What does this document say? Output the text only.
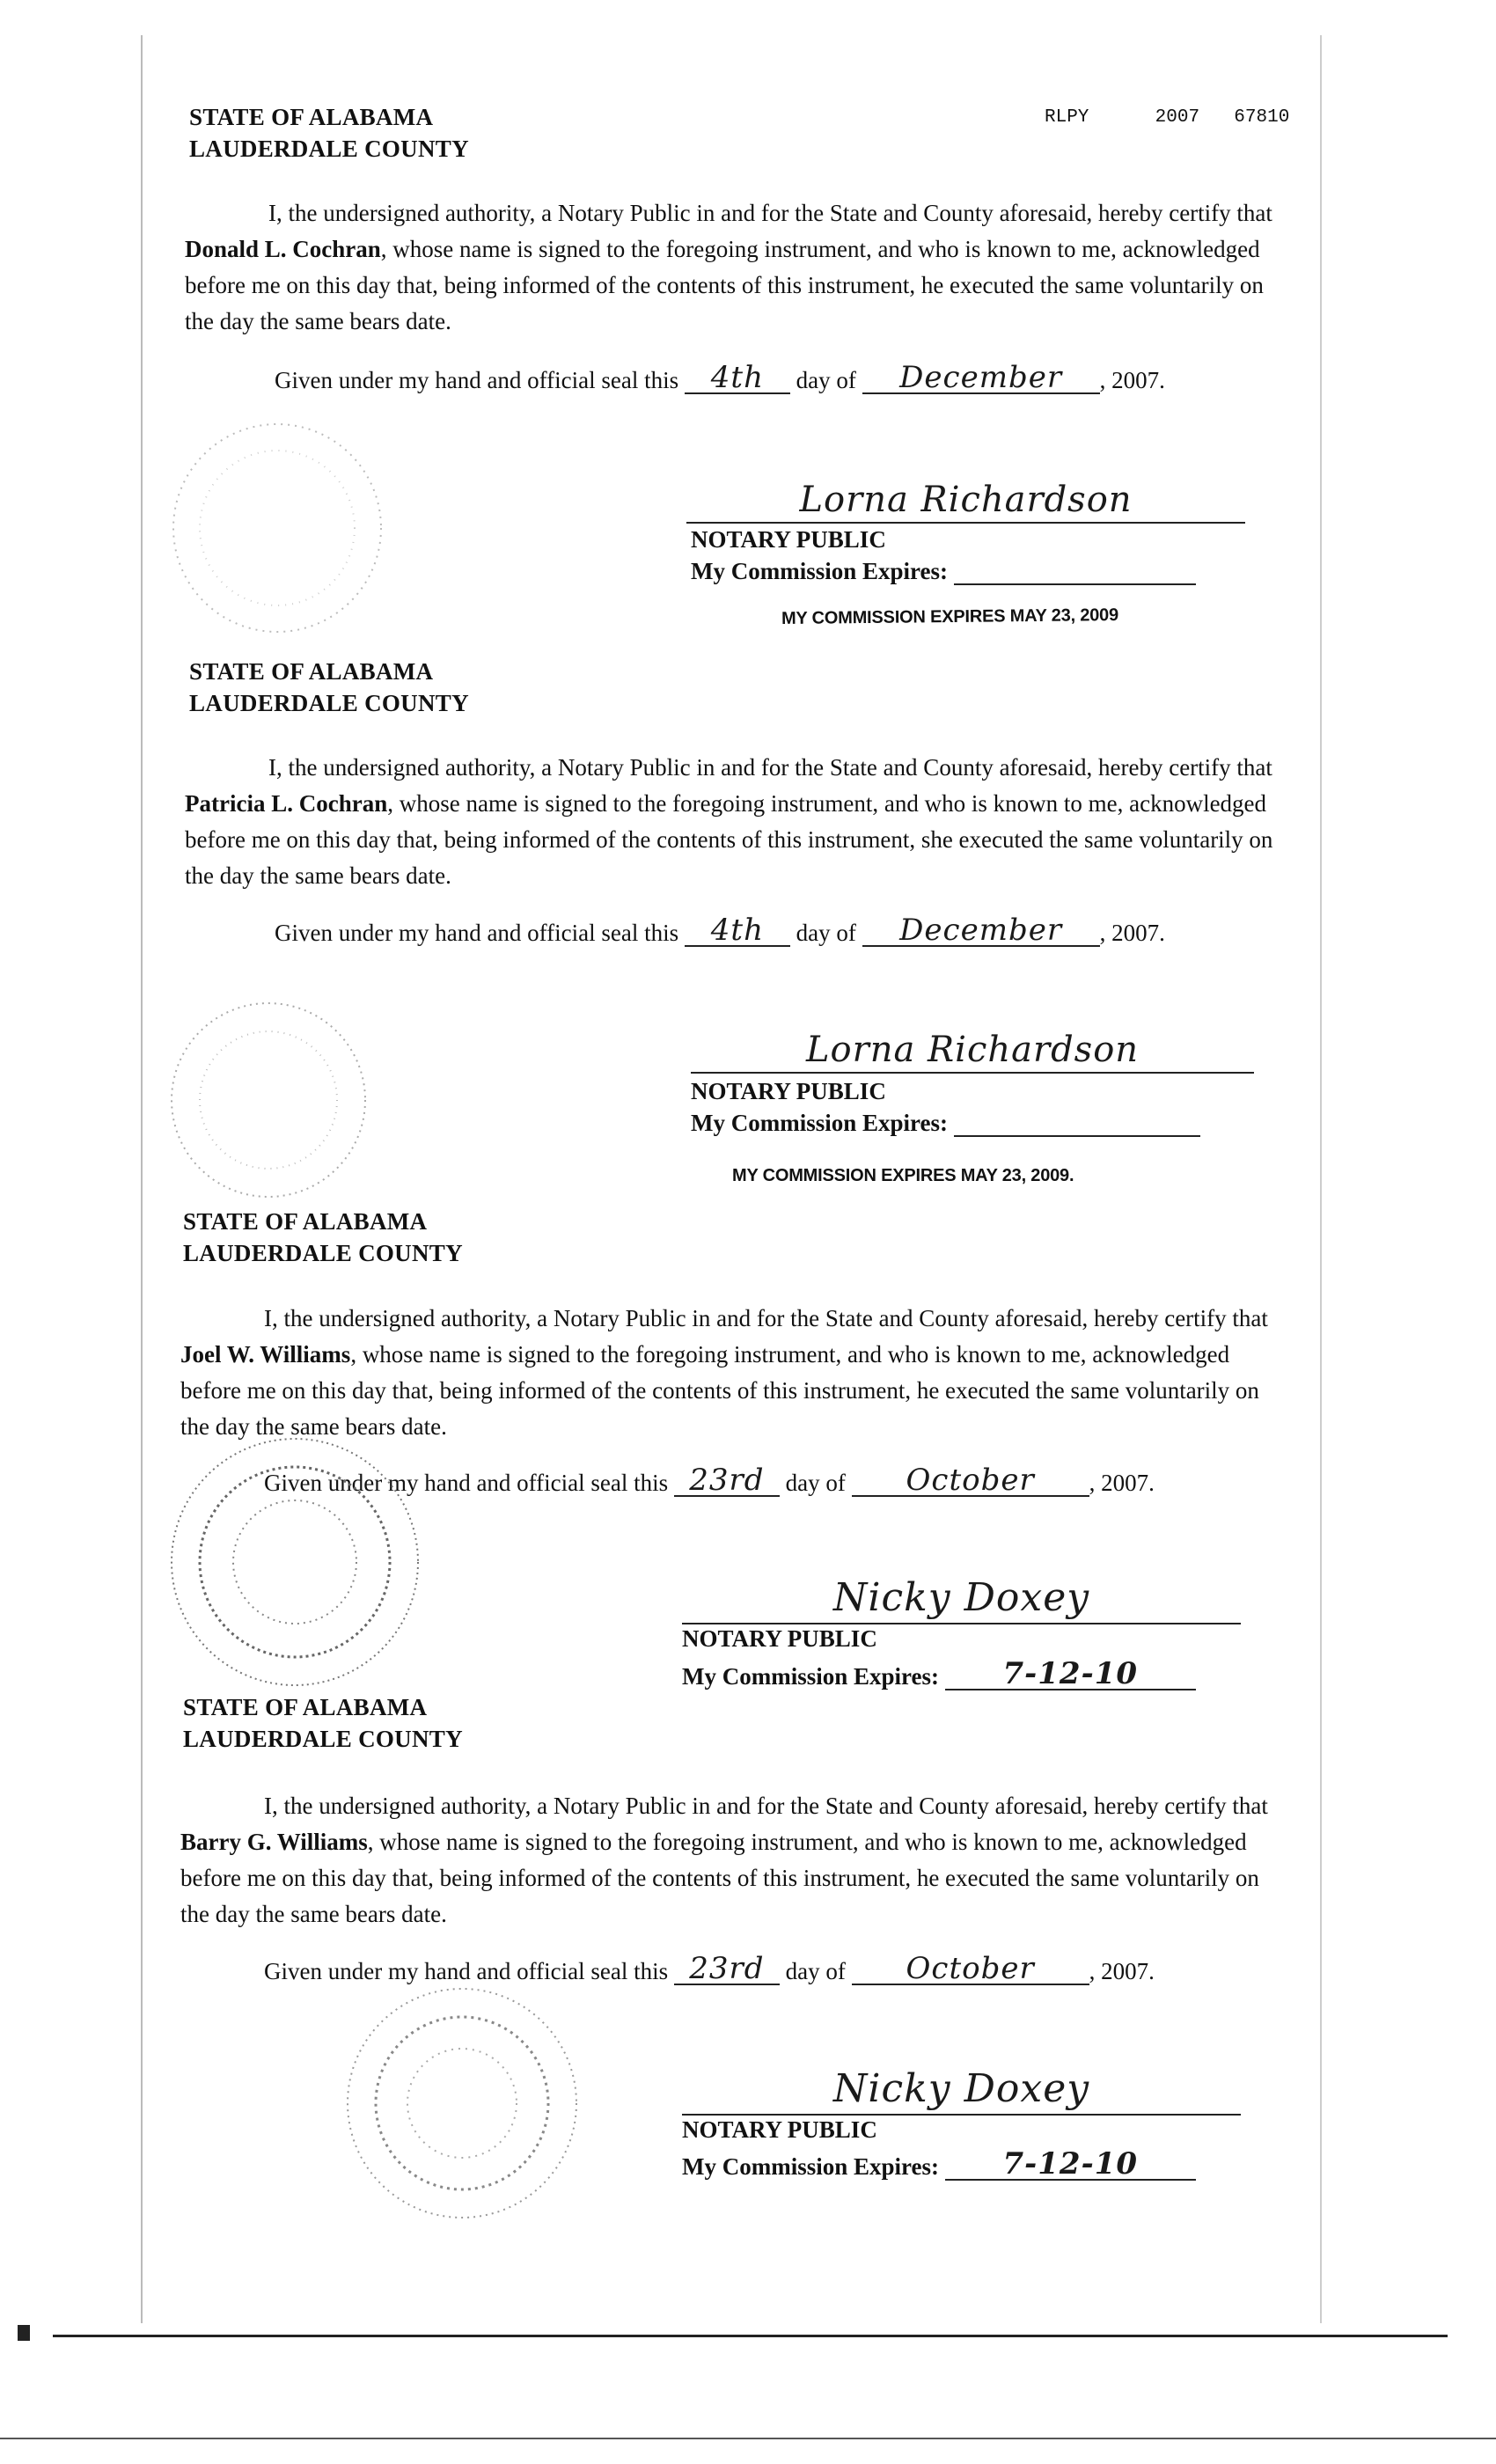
RLPY	2007 67810
STATE OF ALABAMA
LAUDERDALE COUNTY

I, the undersigned authority, a Notary Public in and for the State and County aforesaid, hereby certify that Donald L. Cochran, whose name is signed to the foregoing instrument, and who is known to me, acknowledged before me on this day that, being informed of the contents of this instrument, he executed the same voluntarily on the day the same bears date.

Given under my hand and official seal this 4th day of December , 2007.
Lorna Richardson
NOTARY PUBLIC
My Commission Expires:
MY COMMISSION EXPIRES MAY 23, 2009
STATE OF ALABAMA
LAUDERDALE COUNTY

I, the undersigned authority, a Notary Public in and for the State and County aforesaid, hereby certify that Patricia L. Cochran, whose name is signed to the foregoing instrument, and who is known to me, acknowledged before me on this day that, being informed of the contents of this instrument, she executed the same voluntarily on the day the same bears date.

Given under my hand and official seal this 4th day of December , 2007.
Lorna Richardson
NOTARY PUBLIC
My Commission Expires:
MY COMMISSION EXPIRES MAY 23, 2009.
STATE OF ALABAMA
LAUDERDALE COUNTY

I, the undersigned authority, a Notary Public in and for the State and County aforesaid, hereby certify that Joel W. Williams, whose name is signed to the foregoing instrument, and who is known to me, acknowledged before me on this day that, being informed of the contents of this instrument, he executed the same voluntarily on the day the same bears date.

Given under my hand and official seal this 23rd day of October , 2007.
Nicky Doxey
NOTARY PUBLIC
My Commission Expires: 7-12-10
STATE OF ALABAMA
LAUDERDALE COUNTY

I, the undersigned authority, a Notary Public in and for the State and County aforesaid, hereby certify that Barry G. Williams, whose name is signed to the foregoing instrument, and who is known to me, acknowledged before me on this day that, being informed of the contents of this instrument, he executed the same voluntarily on the day the same bears date.

Given under my hand and official seal this 23rd day of October , 2007.
Nicky Doxey
NOTARY PUBLIC
My Commission Expires: 7-12-10
